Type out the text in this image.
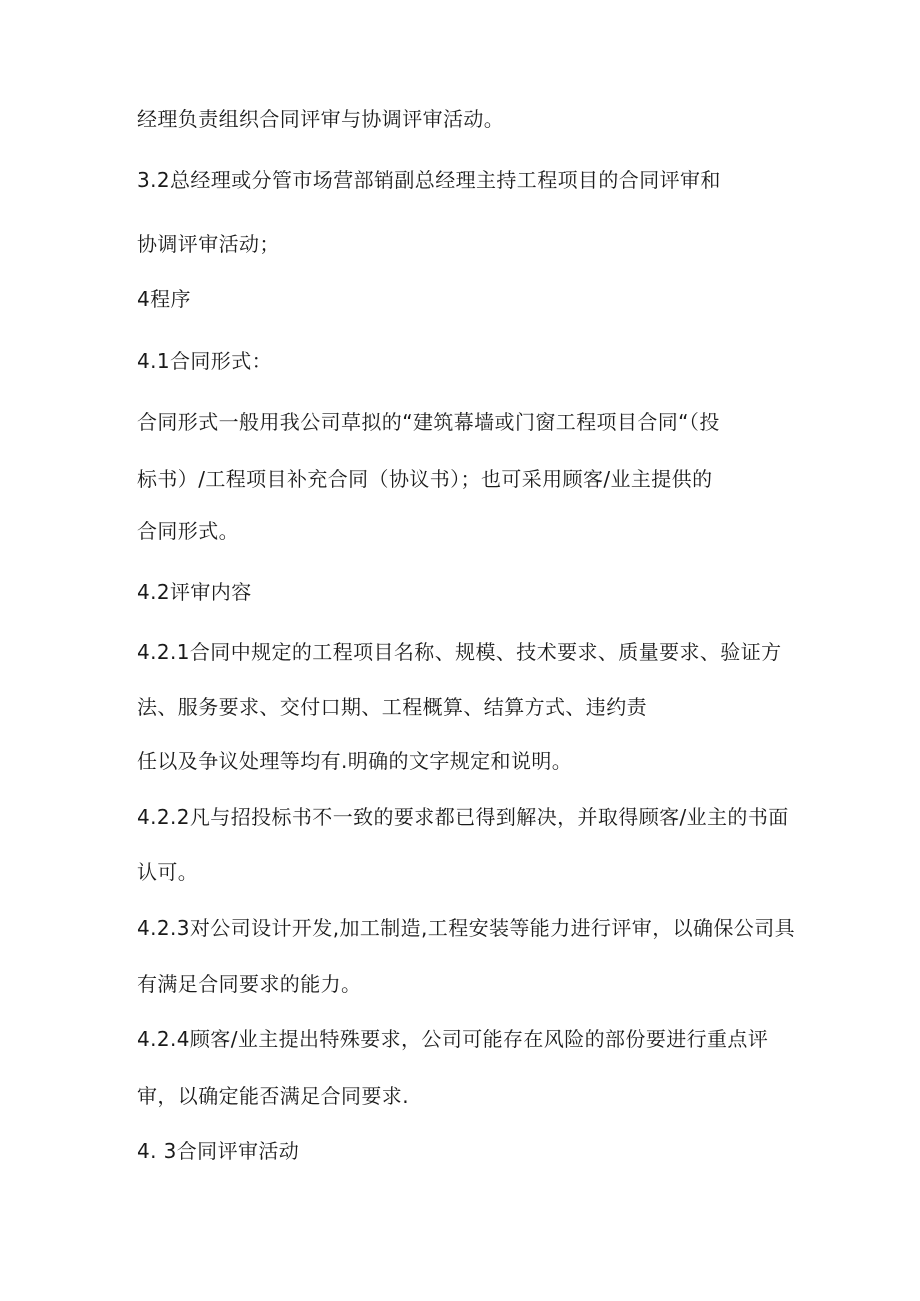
经理负责组织合同评审与协调评审活动。
3.2总经理或分管市场营部销副总经理主持工程项目的合同评审和
协调评审活动；
4程序
4.1合同形式：
合同形式一般用我公司草拟的“建筑幕墙或门窗工程项目合同“（投
标书）/工程项目补充合同（协议书）；也可采用顾客/业主提供的
合同形式。
4.2评审内容
4.2.1合同中规定的工程项目名称、规模、技术要求、质量要求、验证方
法、服务要求、交付口期、工程概算、结算方式、违约责
任以及争议处理等均有.明确的文字规定和说明。
4.2.2凡与招投标书不一致的要求都已得到解决，并取得顾客/业主的书面
认可。
4.2.3对公司设计开发,加工制造,工程安装等能力进行评审，以确保公司具
有满足合同要求的能力。
4.2.4顾客/业主提出特殊要求，公司可能存在风险的部份要进行重点评
审，以确定能否满足合同要求.
4. 3合同评审活动
